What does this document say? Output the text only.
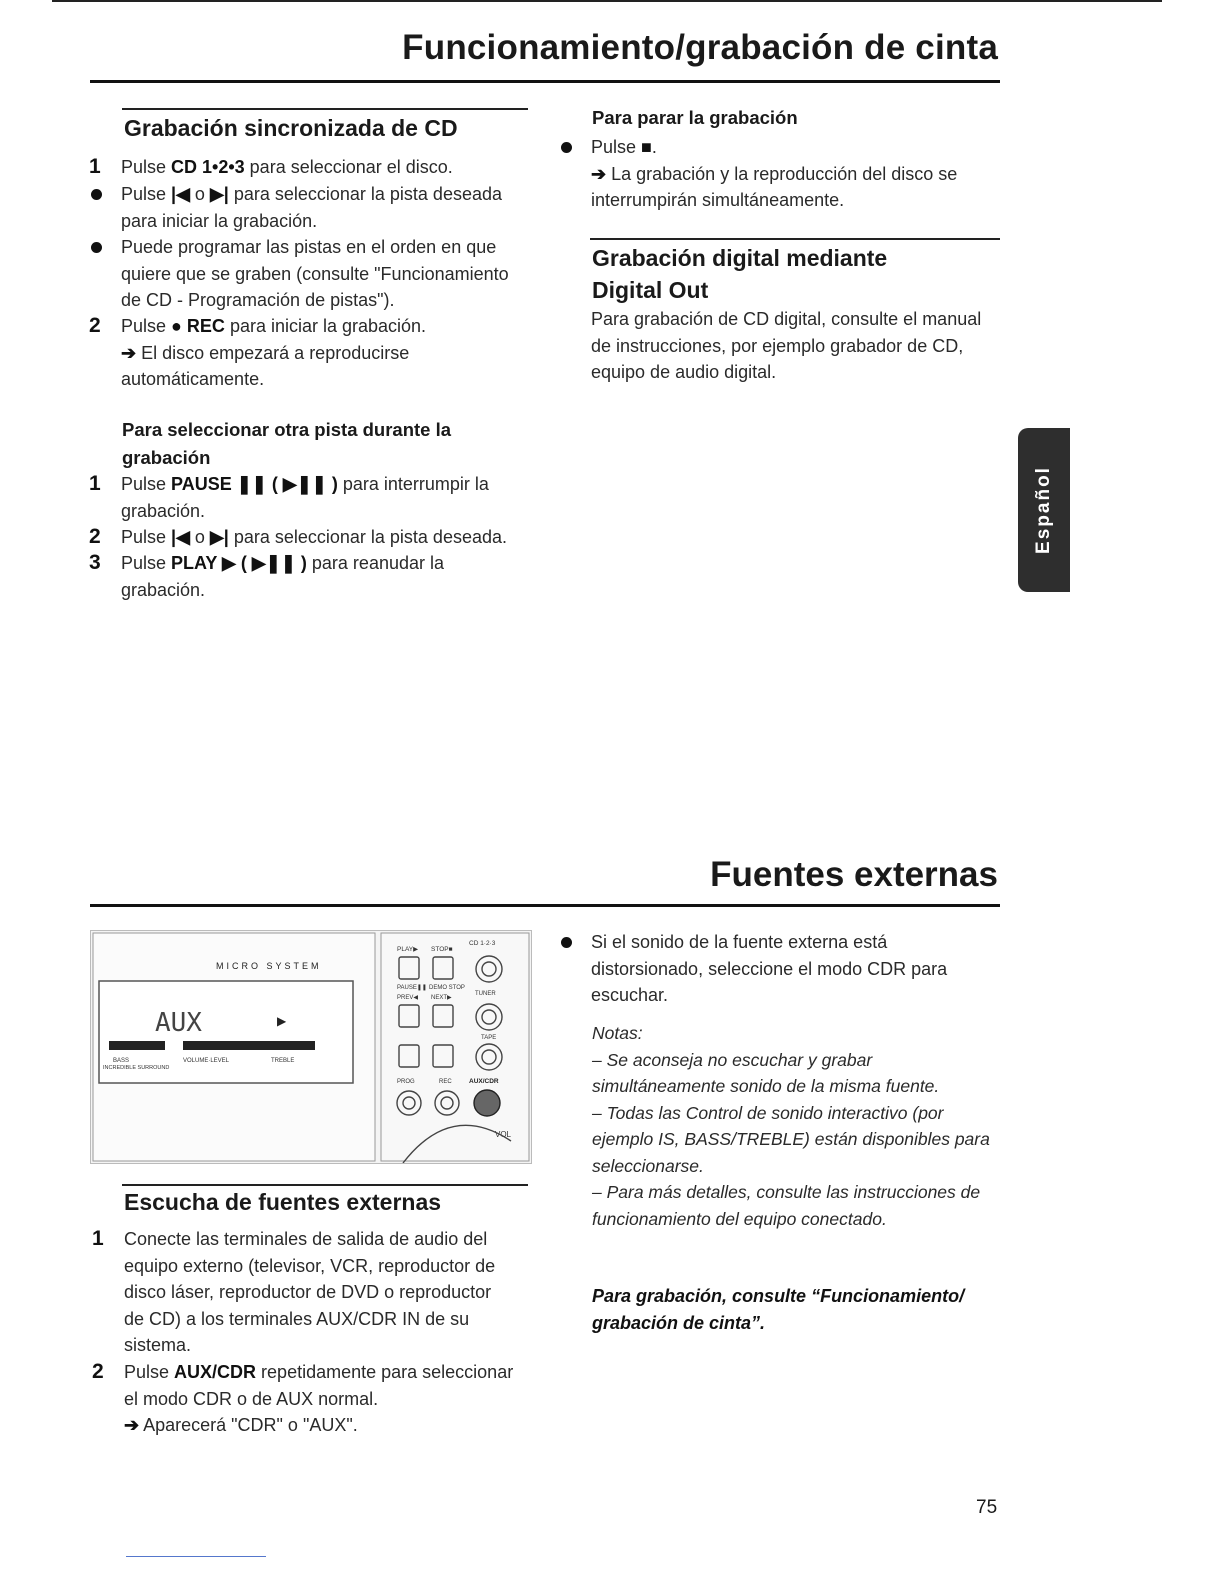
Funcionamiento/grabación de cinta
Grabación sincronizada de CD
1 Pulse CD 1•2•3 para seleccionar el disco.
Pulse |◀ o ▶| para seleccionar la pista deseada
para iniciar la grabación.
Puede programar las pistas en el orden en que
quiere que se graben (consulte "Funcionamiento
de CD - Programación de pistas").
2 Pulse ● REC para iniciar la grabación.
➔ El disco empezará a reproducirse
automáticamente.
Para seleccionar otra pista durante la
grabación
1 Pulse PAUSE ❚❚ ( ▶❚❚ ) para interrumpir la
grabación.
2 Pulse |◀ o ▶| para seleccionar la pista deseada.
3 Pulse PLAY ▶ ( ▶❚❚ ) para reanudar la
grabación.
Para parar la grabación
Pulse ■.
➔ La grabación y la reproducción del disco se
interrumpirán simultáneamente.
Grabación digital mediante
Digital Out
Para grabación de CD digital, consulte el manual
de instrucciones, por ejemplo grabador de CD,
equipo de audio digital.
Español
Fuentes externas
MICRO SYSTEM
AUX	▶
BASS	VOLUME·LEVEL	TREBLE
INCREDIBLE SURROUND
PLAY▶ STOP■
CD 1·2·3
PAUSE❚❚ DEMO STOP
TUNER
PREV◀ NEXT▶
TAPE
PROG	REC	AUX/CDR
VOL
Escucha de fuentes externas
1 Conecte las terminales de salida de audio del
equipo externo (televisor, VCR, reproductor de
disco láser, reproductor de DVD o reproductor
de CD) a los terminales AUX/CDR IN de su
sistema.
2 Pulse AUX/CDR repetidamente para seleccionar
el modo CDR o de AUX normal.
➔ Aparecerá "CDR" o "AUX".
Si el sonido de la fuente externa está
distorsionado, seleccione el modo CDR para
escuchar.
Notas:
– Se aconseja no escuchar y grabar
simultáneamente sonido de la misma fuente.
– Todas las Control de sonido interactivo (por
ejemplo IS, BASS/TREBLE) están disponibles para
seleccionarse.
– Para más detalles, consulte las instrucciones de
funcionamiento del equipo conectado.
Para grabación, consulte “Funcionamiento/
grabación de cinta”.
75
